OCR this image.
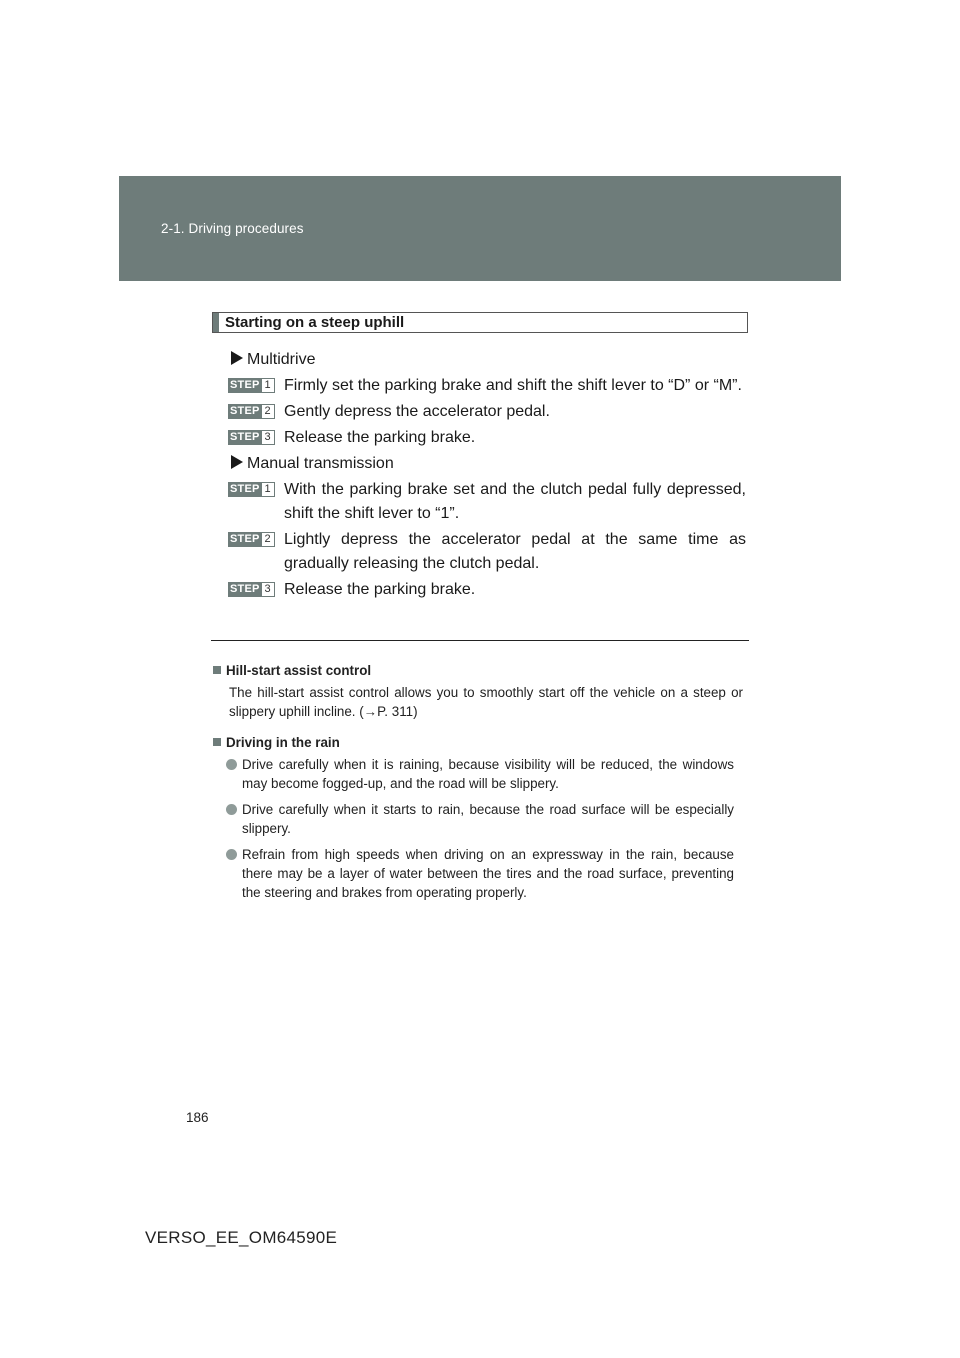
2-1. Driving procedures
Starting on a steep uphill
Multidrive
STEP 1 Firmly set the parking brake and shift the shift lever to “D” or “M”.
STEP 2 Gently depress the accelerator pedal.
STEP 3 Release the parking brake.
Manual transmission
STEP 1 With the parking brake set and the clutch pedal fully depressed, shift the shift lever to “1”.
STEP 2 Lightly depress the accelerator pedal at the same time as gradually releasing the clutch pedal.
STEP 3 Release the parking brake.
Hill-start assist control
The hill-start assist control allows you to smoothly start off the vehicle on a steep or slippery uphill incline. (→P. 311)
Driving in the rain
Drive carefully when it is raining, because visibility will be reduced, the windows may become fogged-up, and the road will be slippery.
Drive carefully when it starts to rain, because the road surface will be especially slippery.
Refrain from high speeds when driving on an expressway in the rain, because there may be a layer of water between the tires and the road surface, preventing the steering and brakes from operating properly.
186
VERSO_EE_OM64590E
